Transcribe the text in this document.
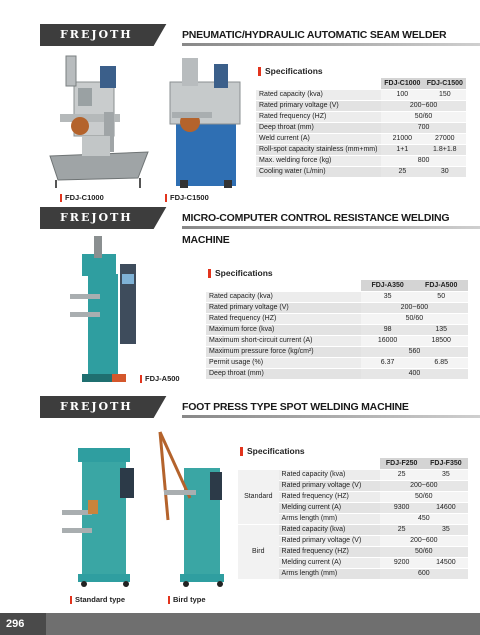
FREJOTH	PNEUMATIC/HYDRAULIC AUTOMATIC SEAM WELDER
FDJ-C1000	FDJ-C1500
Specifications
	FDJ-C1000	FDJ-C1500
Rated capacity (kva)	100	150
Rated primary voltage (V)	200~600	
Rated frequency (HZ)	50/60	
Deep throat (mm)	700	
Weld current (A)	21000	27000
Roll-spot capacity stainless (mm+mm)	1+1	1.8+1.8
Max. welding force (kg)	800	
Cooling water (L/min)	25	30
FREJOTH	MICRO-COMPUTER CONTROL RESISTANCE WELDING MACHINE
FDJ-A500
Specifications
	FDJ-A350	FDJ-A500
Rated capacity (kva)	35	50
Rated primary voltage (V)	200~600	
Rated frequency (HZ)	50/60	
Maximum force (kva)	98	135
Maximum short-circuit current (A)	16000	18500
Maximum pressure force (kg/cm²)	560	
Permit usage (%)	6.37	6.85
Deep throat (mm)	400	
FREJOTH	FOOT PRESS TYPE SPOT WELDING MACHINE
Standard type	Bird type
Specifications
		FDJ-F250	FDJ-F350
Standard	Rated capacity (kva)	25	35
	Rated primary voltage (V)	200~600	
	Rated frequency (HZ)	50/60	
	Melding current (A)	9300	14600
	Arms length (mm)	450	
Bird	Rated capacity (kva)	25	35
	Rated primary voltage (V)	200~600	
	Rated frequency (HZ)	50/60	
	Melding current (A)	9200	14500
	Arms length (mm)	600	
296
